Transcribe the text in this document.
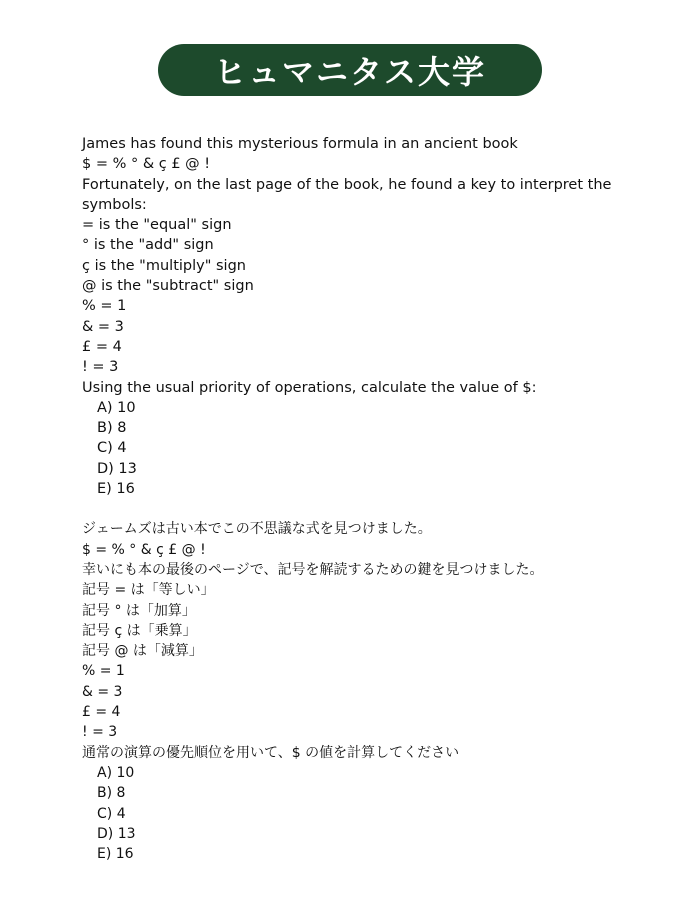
ヒュマニタス大学
James has found this mysterious formula in an ancient book
$ = % ° & ç £ @ !
Fortunately, on the last page of the book, he found a key to interpret the symbols:
= is the "equal" sign
° is the "add" sign
ç is the "multiply" sign
@ is the "subtract" sign
% = 1
& = 3
£ = 4
! = 3
Using the usual priority of operations, calculate the value of $:
A) 10
B) 8
C) 4
D) 13
E) 16
ジェームズは古い本でこの不思議な式を見つけました。
$ = % ° & ç £ @ !
幸いにも本の最後のページで、記号を解読するための鍵を見つけました。
記号 = は「等しい」
記号 ° は「加算」
記号 ç は「乗算」
記号 @ は「減算」
% = 1
& = 3
£ = 4
! = 3
通常の演算の優先順位を用いて、$ の値を計算してください
A) 10
B) 8
C) 4
D) 13
E) 16
